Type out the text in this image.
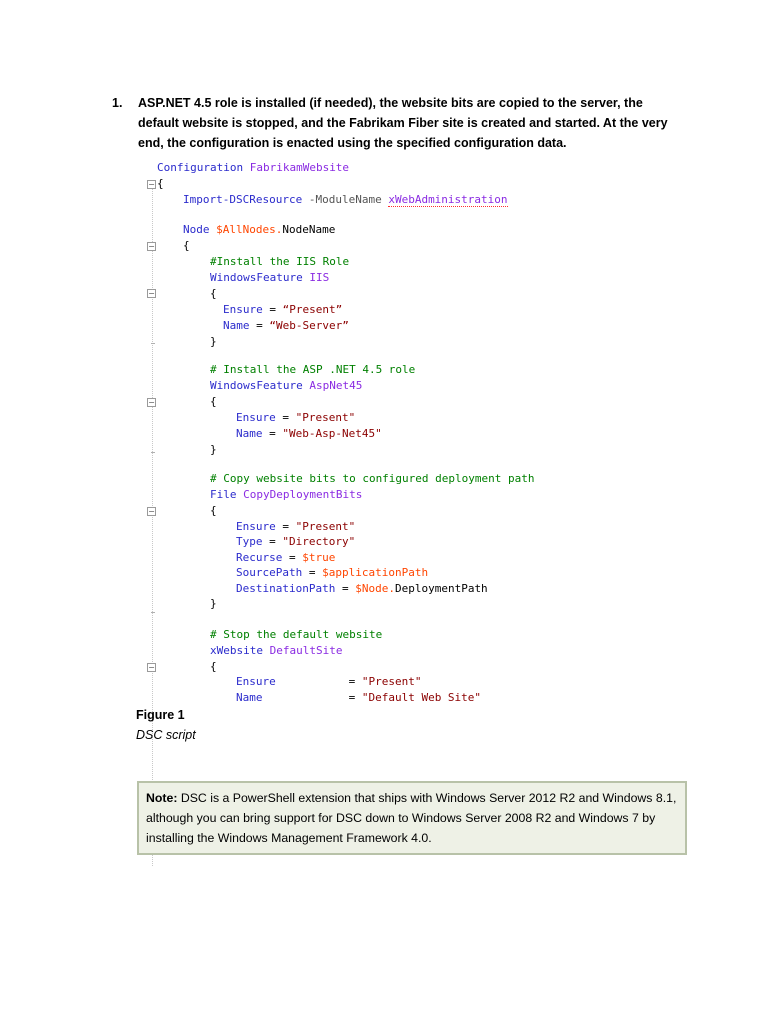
1. ASP.NET 4.5 role is installed (if needed), the website bits are copied to the server, the default website is stopped, and the Fabrikam Fiber site is created and started. At the very end, the configuration is enacted using the specified configuration data.
Configuration FabrikamWebsite
− {
Import-DSCResource -ModuleName xWebAdministration
Node $AllNodes.NodeName
−	{
#Install the IIS Role
WindowsFeature IIS
−	{
Ensure = “Present”
Name = “Web-Server”
}
# Install the ASP .NET 4.5 role
WindowsFeature AspNet45
−	{
Ensure = "Present"
Name = "Web-Asp-Net45"
}
# Copy website bits to configured deployment path
File CopyDeploymentBits
−	{
Ensure = "Present"
Type = "Directory"
Recurse = $true
SourcePath = $applicationPath
DestinationPath = $Node.DeploymentPath
}
# Stop the default website
xWebsite DefaultSite
−	{
Ensure	= "Present"
Name	= "Default Web Site"
Figure 1
DSC script
Note: DSC is a PowerShell extension that ships with Windows Server 2012 R2 and Windows 8.1, although you can bring support for DSC down to Windows Server 2008 R2 and Windows 7 by installing the Windows Management Framework 4.0.
